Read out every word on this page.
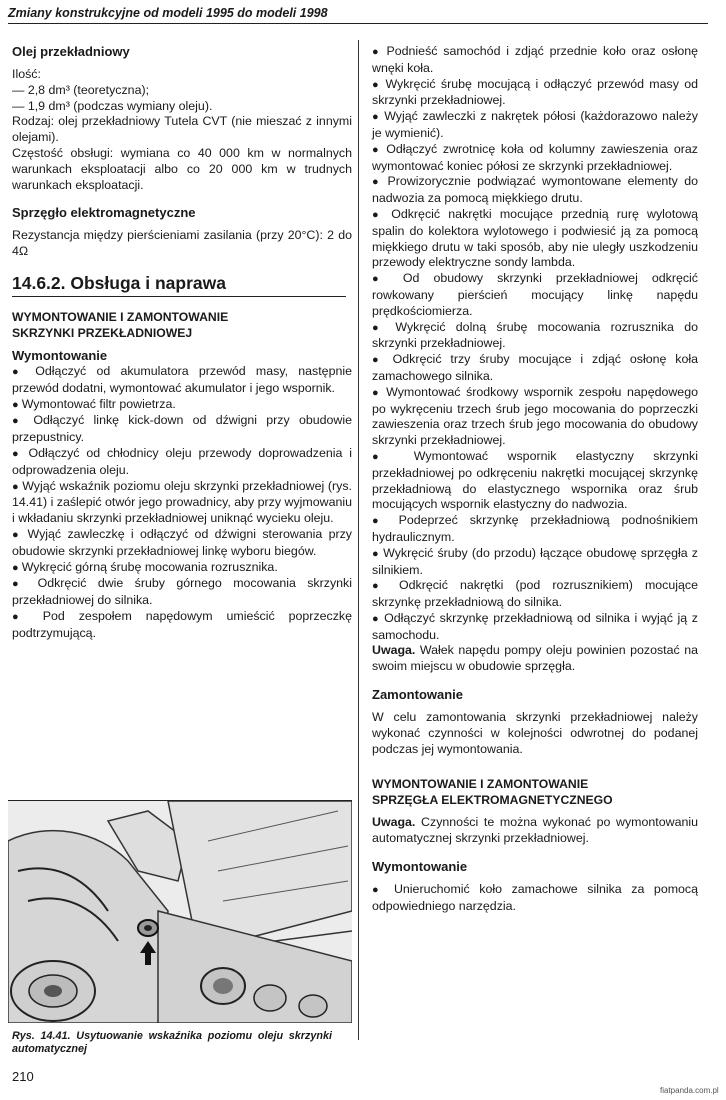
Zmiany konstrukcyjne od modeli 1995 do modeli 1998
Olej przekładniowy

Ilość:

— 2,8 dm³ (teoretyczna);

— 1,9 dm³ (podczas wymiany oleju).

Rodzaj: olej przekładniowy Tutela CVT (nie mieszać z innymi olejami).

Częstość obsługi: wymiana co 40 000 km w normalnych warunkach eksploatacji albo co 20 000 km w trudnych warunkach eksploatacji.

Sprzęgło elektromagnetyczne

Rezystancja między pierścieniami zasilania (przy 20°C): 2 do 4Ω

14.6.2. Obsługa i naprawa
WYMONTOWANIE I ZAMONTOWANIE
SKRZYNKI PRZEKŁADNIOWEJ
Wymontowanie

● Odłączyć od akumulatora przewód masy, następnie przewód dodatni, wymontować akumulator i jego wspornik.

● Wymontować filtr powietrza.

● Odłączyć linkę kick-down od dźwigni przy obudowie przepustnicy.

● Odłączyć od chłodnicy oleju przewody doprowadzenia i odprowadzenia oleju.

● Wyjąć wskaźnik poziomu oleju skrzynki przekładniowej (rys. 14.41) i zaślepić otwór jego prowadnicy, aby przy wyjmowaniu i wkładaniu skrzynki przekładniowej uniknąć wycieku oleju.

● Wyjąć zawleczkę i odłączyć od dźwigni sterowania przy obudowie skrzynki przekładniowej linkę wyboru biegów.

● Wykręcić górną śrubę mocowania rozrusznika.

● Odkręcić dwie śruby górnego mocowania skrzynki przekładniowej do silnika.

● Pod zespołem napędowym umieścić poprzeczkę podtrzymującą.

Rys. 14.41. Usytuowanie wskaźnika poziomu oleju skrzynki automatycznej

● Podnieść samochód i zdjąć przednie koło oraz osłonę wnęki koła.

● Wykręcić śrubę mocującą i odłączyć przewód masy od skrzynki przekładniowej.

● Wyjąć zawleczki z nakrętek półosi (każdorazowo należy je wymienić).

● Odłączyć zwrotnicę koła od kolumny zawieszenia oraz wymontować koniec półosi ze skrzynki przekładniowej.

● Prowizorycznie podwiązać wymontowane elementy do nadwozia za pomocą miękkiego drutu.

● Odkręcić nakrętki mocujące przednią rurę wylotową spalin do kolektora wylotowego i podwiesić ją za pomocą miękkiego drutu w taki sposób, aby nie uległy uszkodzeniu przewody elektryczne sondy lambda.

● Od obudowy skrzynki przekładniowej odkręcić rowkowany pierścień mocujący linkę napędu prędkościomierza.

● Wykręcić dolną śrubę mocowania rozrusznika do skrzynki przekładniowej.

● Odkręcić trzy śruby mocujące i zdjąć osłonę koła zamachowego silnika.

● Wymontować środkowy wspornik zespołu napędowego po wykręceniu trzech śrub jego mocowania do poprzeczki zawieszenia oraz trzech śrub jego mocowania do obudowy skrzynki przekładniowej.

● Wymontować wspornik elastyczny skrzynki przekładniowej po odkręceniu nakrętki mocującej skrzynkę przekładniową do elastycznego wspornika oraz śrub mocujących wspornik elastyczny do nadwozia.

● Podeprzeć skrzynkę przekładniową podnośnikiem hydraulicznym.

● Wykręcić śruby (do przodu) łączące obudowę sprzęgła z silnikiem.

● Odkręcić nakrętki (pod rozrusznikiem) mocujące skrzynkę przekładniową do silnika.

● Odłączyć skrzynkę przekładniową od silnika i wyjąć ją z samochodu.

Uwaga. Wałek napędu pompy oleju powinien pozostać na swoim miejscu w obudowie sprzęgła.

Zamontowanie

W celu zamontowania skrzynki przekładniowej należy wykonać czynności w kolejności odwrotnej do podanej podczas jej wymontowania.

WYMONTOWANIE I ZAMONTOWANIE
SPRZĘGŁA ELEKTROMAGNETYCZNEGO

Uwaga. Czynności te można wykonać po wymontowaniu automatycznej skrzynki przekładniowej.

Wymontowanie

● Unieruchomić koło zamachowe silnika za pomocą odpowiedniego narzędzia.

210

fiatpanda.com.pl
